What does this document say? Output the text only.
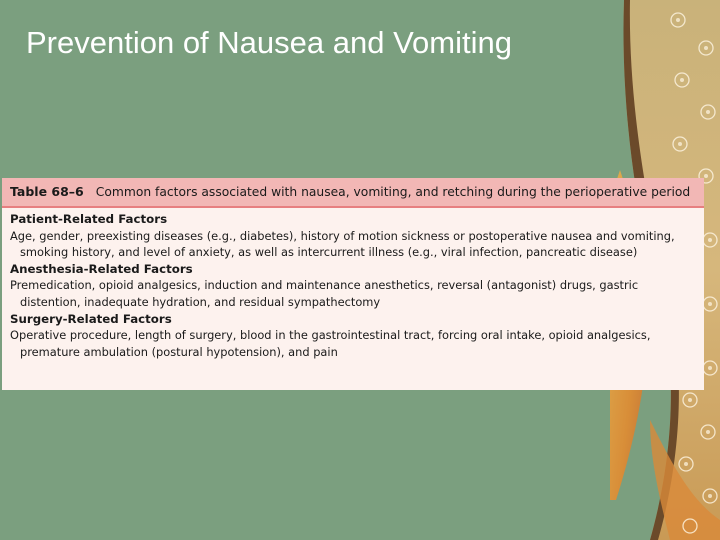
Prevention of Nausea and Vomiting
Table 68–6 Common factors associated with nausea, vomiting, and retching during the perioperative period
Patient-Related Factors

Age, gender, preexisting diseases (e.g., diabetes), history of motion sickness or postoperative nausea and vomiting, smoking history, and level of anxiety, as well as intercurrent illness (e.g., viral infection, pancreatic disease)

Anesthesia-Related Factors

Premedication, opioid analgesics, induction and maintenance anesthetics, reversal (antagonist) drugs, gastric distention, inadequate hydration, and residual sympathectomy

Surgery-Related Factors

Operative procedure, length of surgery, blood in the gastrointestinal tract, forcing oral intake, opioid analgesics, premature ambulation (postural hypotension), and pain
